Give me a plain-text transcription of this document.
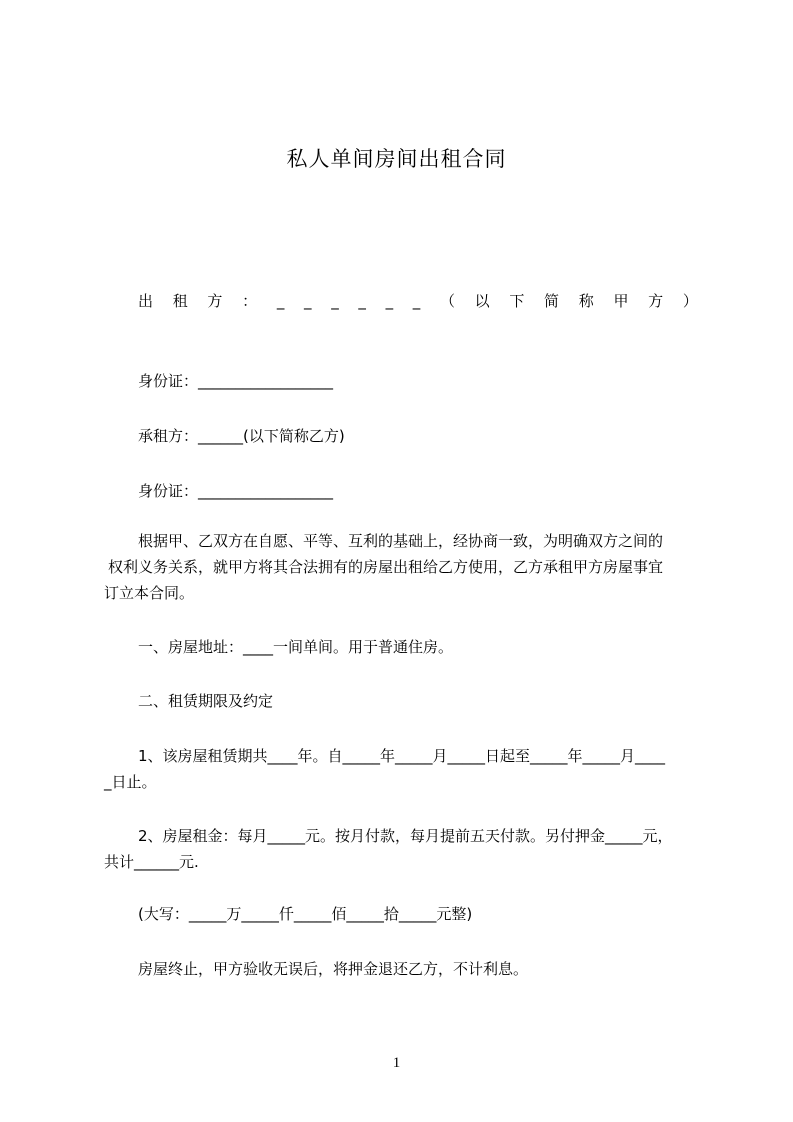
私人单间房间出租合同
出 租 方 ： _ _ _ _ _ _ （ 以 下 简 称 甲 方 ）
身份证：__________________
承租方：______(以下简称乙方)
身份证：__________________
根据甲、乙双方在自愿、平等、互利的基础上，经协商一致，为明确双方之间的
权利义务关系，就甲方将其合法拥有的房屋出租给乙方使用，乙方承租甲方房屋事宜
订立本合同。
一、房屋地址：____一间单间。用于普通住房。
二、租赁期限及约定
1、该房屋租赁期共____年。自_____年_____月_____日起至_____年_____月____
_日止。
2、房屋租金：每月_____元。按月付款，每月提前五天付款。另付押金_____元，
共计______元.
(大写：_____万_____仟_____佰_____拾_____元整)
房屋终止，甲方验收无误后，将押金退还乙方，不计利息。
1
